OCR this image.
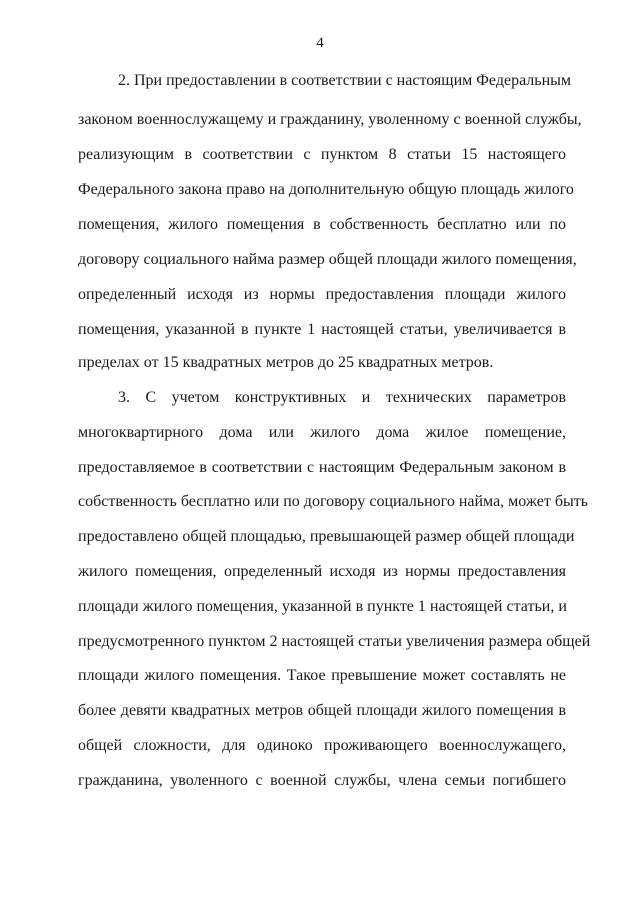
4
2. При предоставлении в соответствии с настоящим Федеральным
законом военнослужащему и гражданину, уволенному с военной службы,
реализующим в соответствии с пунктом 8 статьи 15 настоящего
Федерального закона право на дополнительную общую площадь жилого
помещения, жилого помещения в собственность бесплатно или по
договору социального найма размер общей площади жилого помещения,
определенный исходя из нормы предоставления площади жилого
помещения, указанной в пункте 1 настоящей статьи, увеличивается в
пределах от 15 квадратных метров до 25 квадратных метров.
3. С учетом конструктивных и технических параметров
многоквартирного дома или жилого дома жилое помещение,
предоставляемое в соответствии с настоящим Федеральным законом в
собственность бесплатно или по договору социального найма, может быть
предоставлено общей площадью, превышающей размер общей площади
жилого помещения, определенный исходя из нормы предоставления
площади жилого помещения, указанной в пункте 1 настоящей статьи, и
предусмотренного пунктом 2 настоящей статьи увеличения размера общей
площади жилого помещения. Такое превышение может составлять не
более девяти квадратных метров общей площади жилого помещения в
общей сложности, для одиноко проживающего военнослужащего,
гражданина, уволенного с военной службы, члена семьи погибшего
